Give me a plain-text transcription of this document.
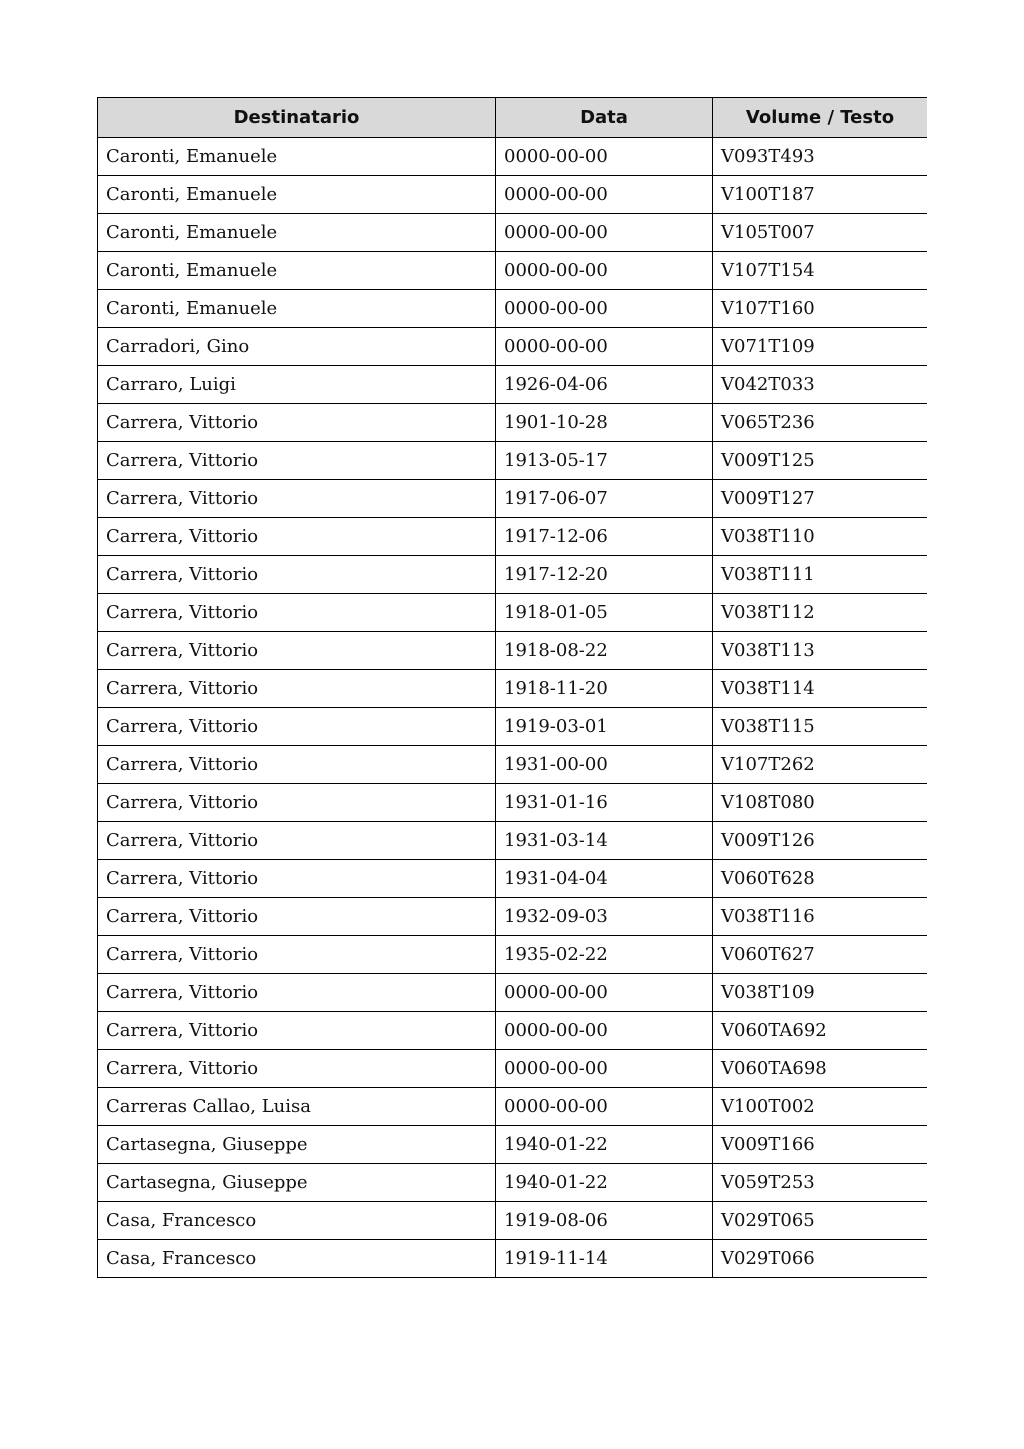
Destinatario	Data	Volume / Testo
Caronti, Emanuele	0000-00-00	V093T493
Caronti, Emanuele	0000-00-00	V100T187
Caronti, Emanuele	0000-00-00	V105T007
Caronti, Emanuele	0000-00-00	V107T154
Caronti, Emanuele	0000-00-00	V107T160
Carradori, Gino	0000-00-00	V071T109
Carraro, Luigi	1926-04-06	V042T033
Carrera, Vittorio	1901-10-28	V065T236
Carrera, Vittorio	1913-05-17	V009T125
Carrera, Vittorio	1917-06-07	V009T127
Carrera, Vittorio	1917-12-06	V038T110
Carrera, Vittorio	1917-12-20	V038T111
Carrera, Vittorio	1918-01-05	V038T112
Carrera, Vittorio	1918-08-22	V038T113
Carrera, Vittorio	1918-11-20	V038T114
Carrera, Vittorio	1919-03-01	V038T115
Carrera, Vittorio	1931-00-00	V107T262
Carrera, Vittorio	1931-01-16	V108T080
Carrera, Vittorio	1931-03-14	V009T126
Carrera, Vittorio	1931-04-04	V060T628
Carrera, Vittorio	1932-09-03	V038T116
Carrera, Vittorio	1935-02-22	V060T627
Carrera, Vittorio	0000-00-00	V038T109
Carrera, Vittorio	0000-00-00	V060TA692
Carrera, Vittorio	0000-00-00	V060TA698
Carreras Callao, Luisa	0000-00-00	V100T002
Cartasegna, Giuseppe	1940-01-22	V009T166
Cartasegna, Giuseppe	1940-01-22	V059T253
Casa, Francesco	1919-08-06	V029T065
Casa, Francesco	1919-11-14	V029T066
